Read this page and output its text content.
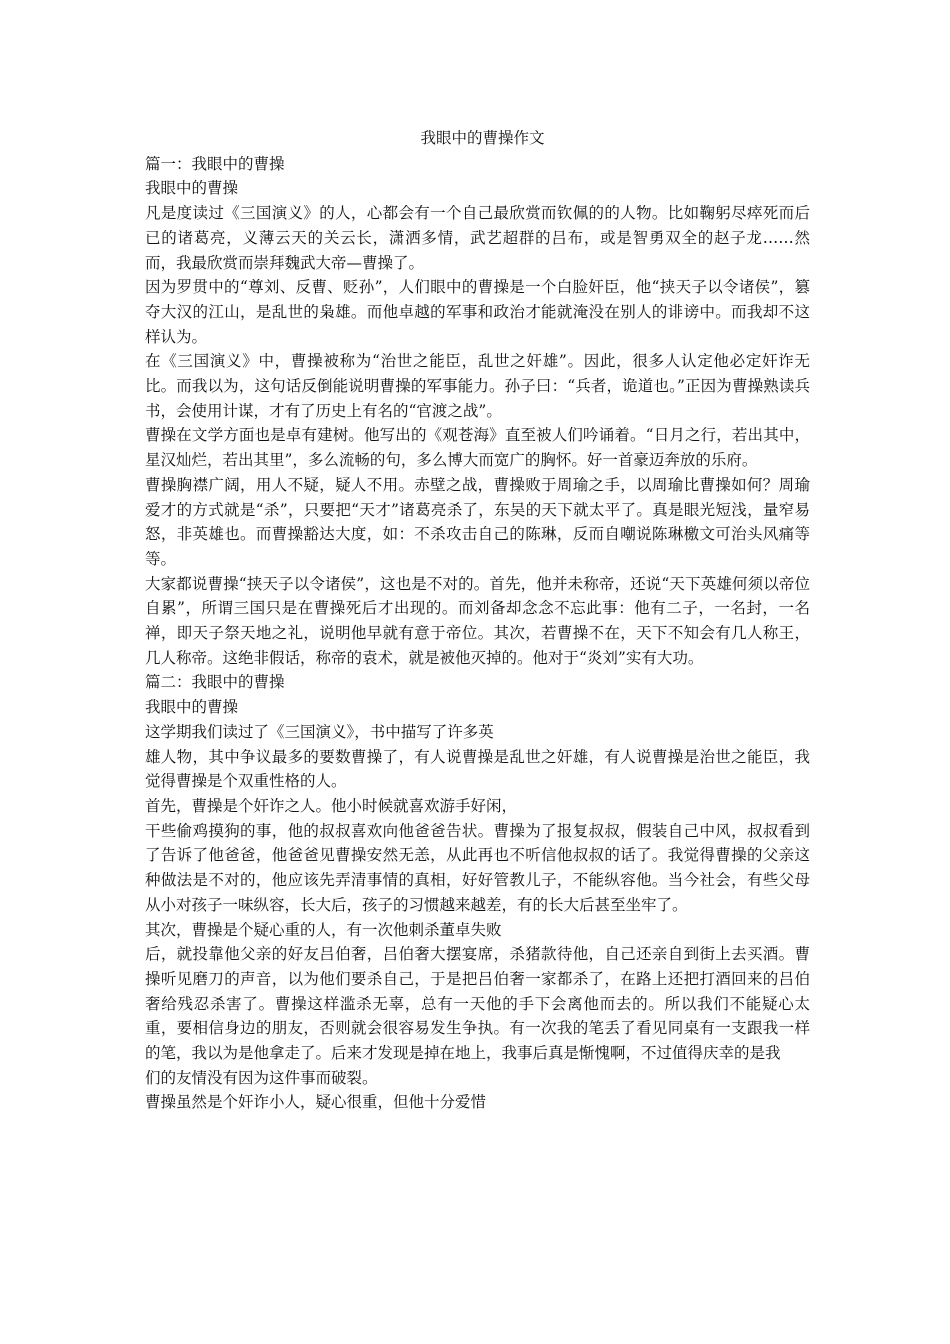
我眼中的曹操作文

篇一：我眼中的曹操

我眼中的曹操

凡是度读过《三国演义》的人，心都会有一个自己最欣赏而钦佩的的人物。比如鞠躬尽瘁死而后已的诸葛亮，义薄云天的关云长，潇洒多情，武艺超群的吕布，或是智勇双全的赵子龙……然而，我最欣赏而崇拜魏武大帝—曹操了。

因为罗贯中的“尊刘、反曹、贬孙”，人们眼中的曹操是一个白脸奸臣，他“挟天子以令诸侯”，篡夺大汉的江山，是乱世的枭雄。而他卓越的军事和政治才能就淹没在别人的诽谤中。而我却不这样认为。

在《三国演义》中，曹操被称为“治世之能臣，乱世之奸雄”。因此，很多人认定他必定奸诈无比。而我以为，这句话反倒能说明曹操的军事能力。孙子曰：“兵者，诡道也。”正因为曹操熟读兵书，会使用计谋，才有了历史上有名的“官渡之战”。

曹操在文学方面也是卓有建树。他写出的《观苍海》直至被人们吟诵着。“日月之行，若出其中，星汉灿烂，若出其里”，多么流畅的句，多么博大而宽广的胸怀。好一首豪迈奔放的乐府。

曹操胸襟广阔，用人不疑，疑人不用。赤壁之战，曹操败于周瑜之手，以周瑜比曹操如何？周瑜爱才的方式就是“杀”，只要把“天才”诸葛亮杀了，东吴的天下就太平了。真是眼光短浅，量窄易怒，非英雄也。而曹操豁达大度，如：不杀攻击自己的陈琳，反而自嘲说陈琳檄文可治头风痛等等。

大家都说曹操“挟天子以令诸侯”，这也是不对的。首先，他并未称帝，还说“天下英雄何须以帝位自累”，所谓三国只是在曹操死后才出现的。而刘备却念念不忘此事：他有二子，一名封，一名禅，即天子祭天地之礼，说明他早就有意于帝位。其次，若曹操不在，天下不知会有几人称王，几人称帝。这绝非假话，称帝的袁术，就是被他灭掉的。他对于“炎刘”实有大功。

篇二：我眼中的曹操

我眼中的曹操

这学期我们读过了《三国演义》，书中描写了许多英

雄人物，其中争议最多的要数曹操了，有人说曹操是乱世之奸雄，有人说曹操是治世之能臣，我觉得曹操是个双重性格的人。

首先，曹操是个奸诈之人。他小时候就喜欢游手好闲，

干些偷鸡摸狗的事，他的叔叔喜欢向他爸爸告状。曹操为了报复叔叔，假装自己中风，叔叔看到了告诉了他爸爸，他爸爸见曹操安然无恙，从此再也不听信他叔叔的话了。我觉得曹操的父亲这种做法是不对的，他应该先弄清事情的真相，好好管教儿子，不能纵容他。当今社会，有些父母从小对孩子一味纵容，长大后，孩子的习惯越来越差，有的长大后甚至坐牢了。

其次，曹操是个疑心重的人，有一次他刺杀董卓失败

后，就投靠他父亲的好友吕伯奢，吕伯奢大摆宴席，杀猪款待他，自己还亲自到街上去买酒。曹操听见磨刀的声音，以为他们要杀自己，于是把吕伯奢一家都杀了，在路上还把打酒回来的吕伯奢给残忍杀害了。曹操这样滥杀无辜，总有一天他的手下会离他而去的。所以我们不能疑心太重，要相信身边的朋友，否则就会很容易发生争执。有一次我的笔丢了看见同桌有一支跟我一样的笔，我以为是他拿走了。后来才发现是掉在地上，我事后真是惭愧啊，不过值得庆幸的是我

们的友情没有因为这件事而破裂。

曹操虽然是个奸诈小人，疑心很重，但他十分爱惜
